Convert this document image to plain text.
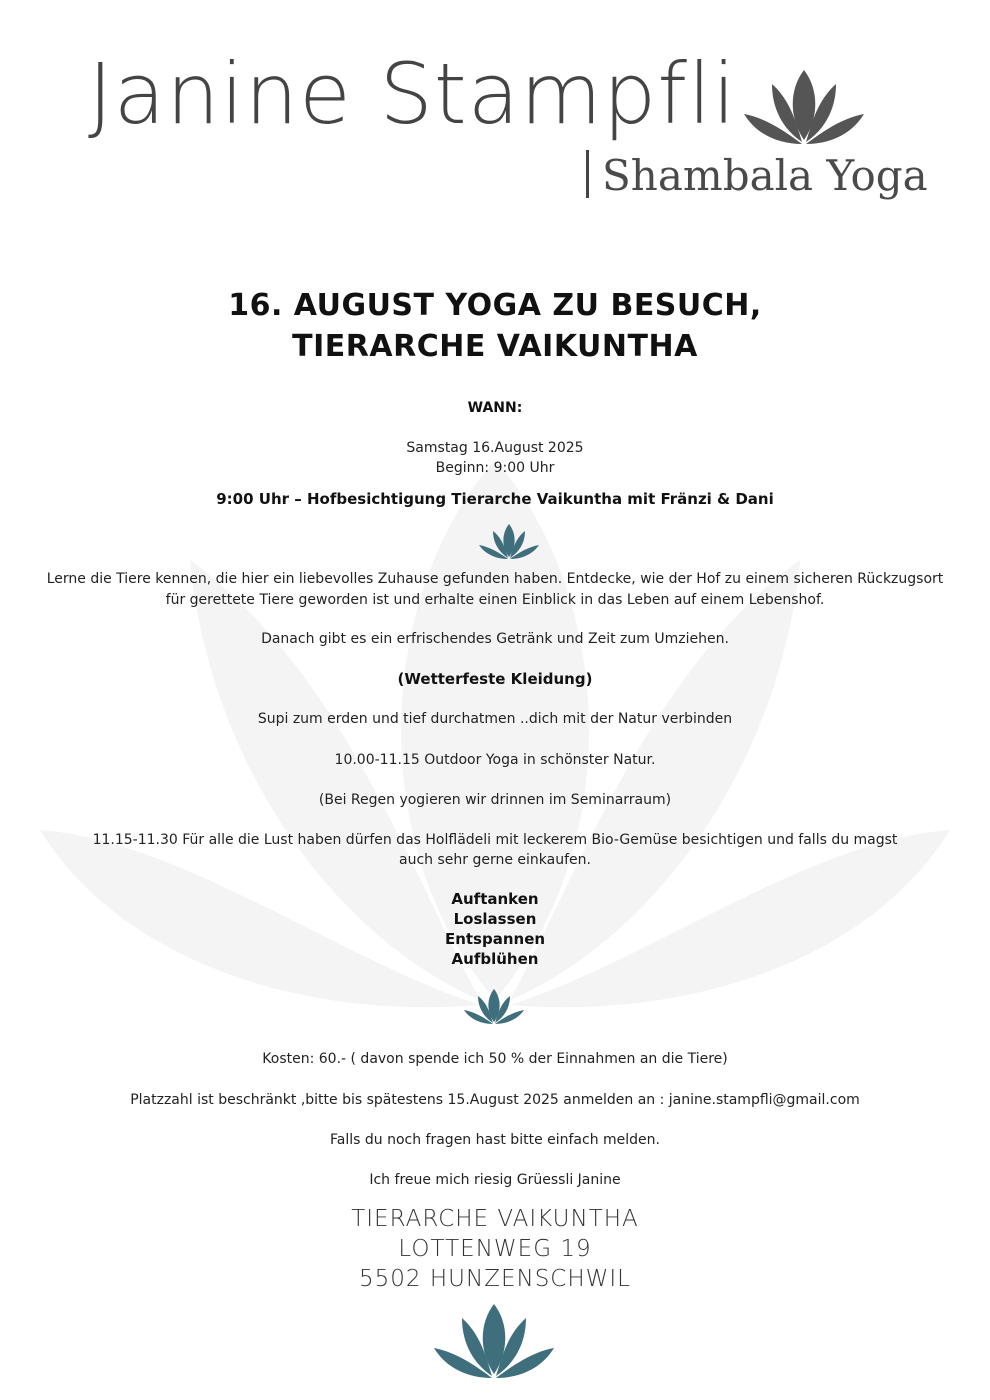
Janine Stampfli
Shambala Yoga
16. AUGUST YOGA ZU BESUCH,
TIERARCHE VAIKUNTHA
WANN:
Samstag 16.August 2025
Beginn: 9:00 Uhr
9:00 Uhr – Hofbesichtigung Tierarche Vaikuntha mit Fränzi & Dani
Lerne die Tiere kennen, die hier ein liebevolles Zuhause gefunden haben. Entdecke, wie der Hof zu einem sicheren Rückzugsort
für gerettete Tiere geworden ist und erhalte einen Einblick in das Leben auf einem Lebenshof.
Danach gibt es ein erfrischendes Getränk und Zeit zum Umziehen.
(Wetterfeste Kleidung)
Supi zum erden und tief durchatmen ..dich mit der Natur verbinden
10.00-11.15 Outdoor Yoga in schönster Natur.
(Bei Regen yogieren wir drinnen im Seminarraum)
11.15-11.30 Für alle die Lust haben dürfen das Holflädeli mit leckerem Bio-Gemüse besichtigen und falls du magst
auch sehr gerne einkaufen.
Auftanken
Loslassen
Entspannen
Aufblühen
Kosten: 60.- ( davon spende ich 50 % der Einnahmen an die Tiere)
Platzzahl ist beschränkt ,bitte bis spätestens 15.August 2025 anmelden an : janine.stampfli@gmail.com
Falls du noch fragen hast bitte einfach melden.
Ich freue mich riesig Grüessli Janine
TIERARCHE VAIKUNTHA
LOTTENWEG 19
5502 HUNZENSCHWIL
